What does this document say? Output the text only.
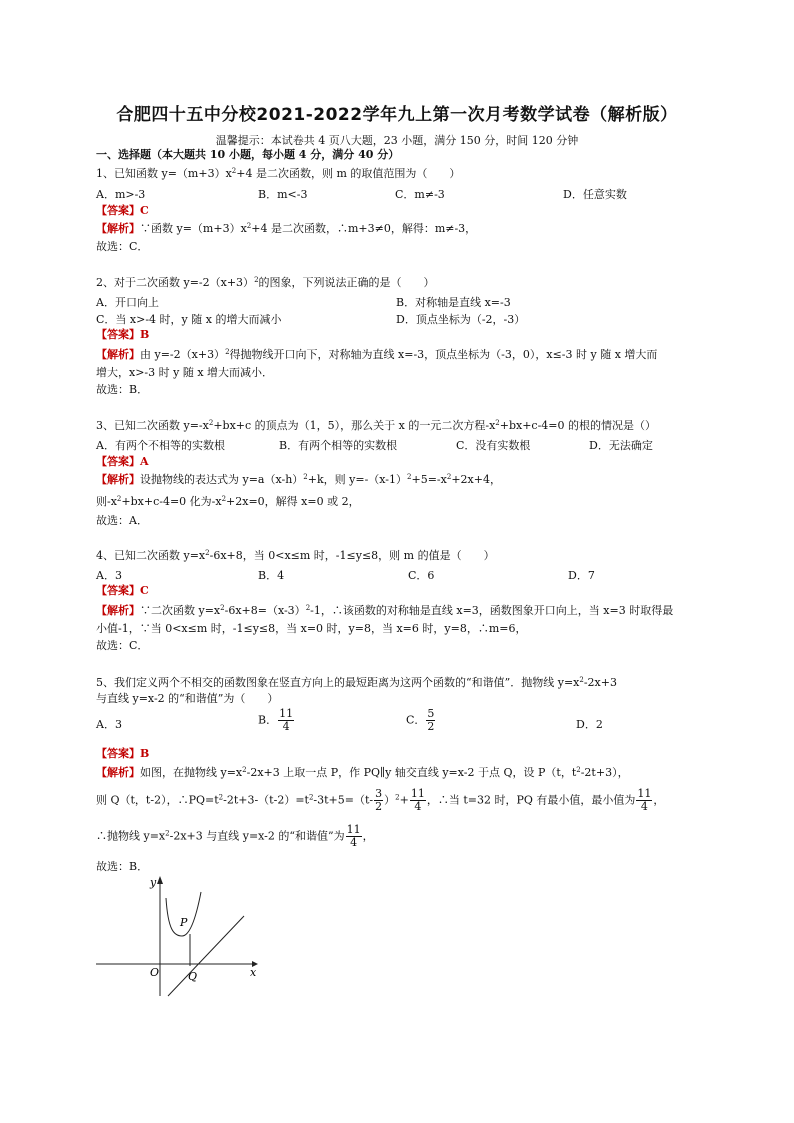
合肥四十五中分校2021-2022学年九上第一次月考数学试卷（解析版）
温馨提示：本试卷共 4 页八大题，23 小题，满分 150 分，时间 120 分钟
一、选择题（本大题共 10 小题，每小题 4 分，满分 40 分）
1、已知函数 $y=(m+3)x^2+4$ 是二次函数，则 m 的取值范围为（　　）
A．m>-3	B．m<-3	C．m≠-3	D．任意实数
【答案】C
【解析】∵函数 $y=(m+3)x^2+4$ 是二次函数，∴m+3≠0，解得：m≠-3，
故选：C．
2、对于二次函数 $y=-2(x+3)^2$的图象，下列说法正确的是（　　）
A．开口向上	B．对称轴是直线 x=-3
C．当 x>-4 时，y 随 x 的增大而减小	D．顶点坐标为（-2，-3）
【答案】B
【解析】由 $y=-2(x+3)^2$得抛物线开口向下，对称轴为直线 x=-3，顶点坐标为（-3，0），x≤-3 时 y 随 x 增大而
增大，x>-3 时 y 随 x 增大而减小．
故选：B．
3、已知二次函数 $y=-x^2+bx+c$ 的顶点为（1，5），那么关于 x 的一元二次方程$-x^2+bx+c-4=0$ 的根的情况是（）
A．有两个不相等的实数根	B．有两个相等的实数根	C．没有实数根	D．无法确定
【答案】A
【解析】设抛物线的表达式为 $y=a(x-h)^2+k$，则 $y=-(x-1)^2+5=-x^2+2x+4$，
则$-x^2+bx+c-4=0$ 化为$-x^2+2x=0$，解得 x=0 或 2，
故选：A．
4、已知二次函数 $y=x^2-6x+8$，当 0<x≤m 时，-1≤y≤8，则 m 的值是（　　）
A．3	B．4	C．6	D．7
【答案】C
【解析】∵二次函数 $y=x^2-6x+8=(x-3)^2-1$，∴该函数的对称轴是直线 x=3，函数图象开口向上，当 x=3 时取得最
小值-1，∵当 0<x≤m 时，-1≤y≤8，当 x=0 时，y=8，当 x=6 时，y=8，∴m=6，
故选：C．
5、我们定义两个不相交的函数图象在竖直方向上的最短距离为这两个函数的“和谐值”．抛物线 $y=x^2-2x+3$
与直线 y=x-2 的“和谐值”为（　　）
A．3	B． $\frac{11}{4}$	C． $\frac{5}{2}$	D．2
【答案】B
【解析】如图，在抛物线 $y=x^2-2x+3$ 上取一点 P，作 PQ∥y 轴交直线 y=x-2 于点 Q，设 P（t，$t^2-2t+3$），
则 Q（t，t-2），$\therefore PQ=t^2-2t+3-(t-2)=t^2-3t+5=(t- \frac{3}{2} )^2+ \frac{11}{4}$ ，∴当 t=32 时，PQ 有最小值，最小值为 $\frac{11}{4}$ ，
∴抛物线 $y=x^2-2x+3$ 与直线 y=x-2 的“和谐值”为 $\frac{11}{4}$ ，
故选：B．
y
x
O
P
Q
